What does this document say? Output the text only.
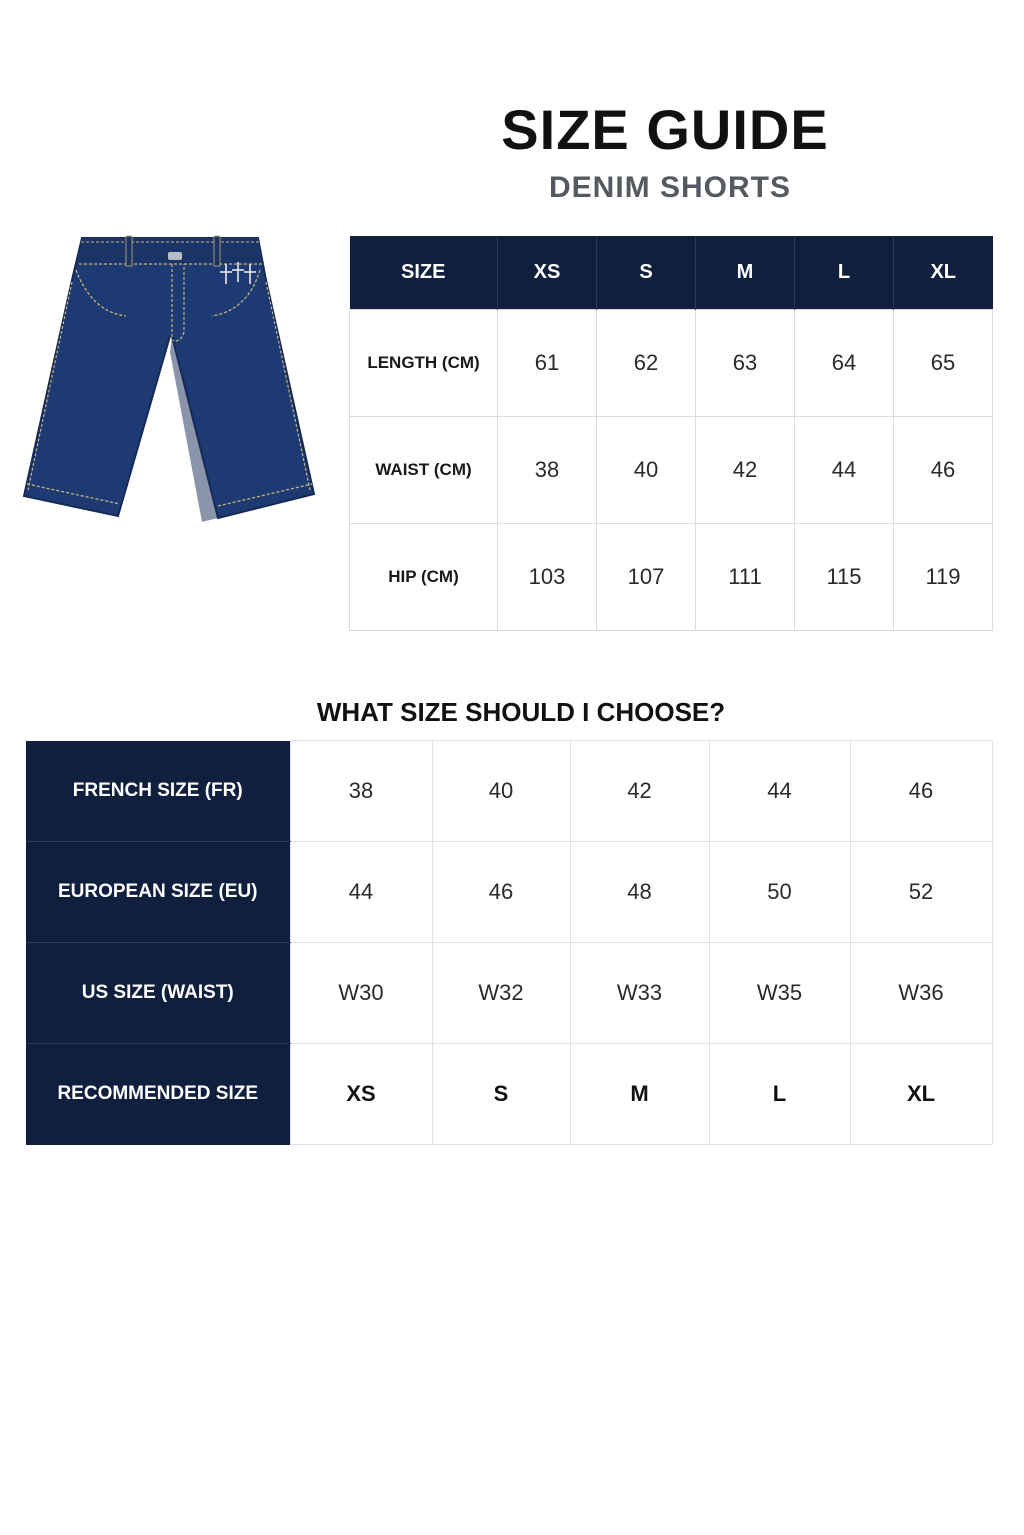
SIZE GUIDE
DENIM SHORTS
SIZE	XS	S	M	L	XL
LENGTH (CM)	61	62	63	64	65
WAIST (CM)	38	40	42	44	46
HIP (CM)	103	107	111	115	119
WHAT SIZE SHOULD I CHOOSE?
FRENCH SIZE (FR)	38	40	42	44	46
EUROPEAN SIZE (EU)	44	46	48	50	52
US SIZE (WAIST)	W30	W32	W33	W35	W36
RECOMMENDED SIZE	XS	S	M	L	XL
